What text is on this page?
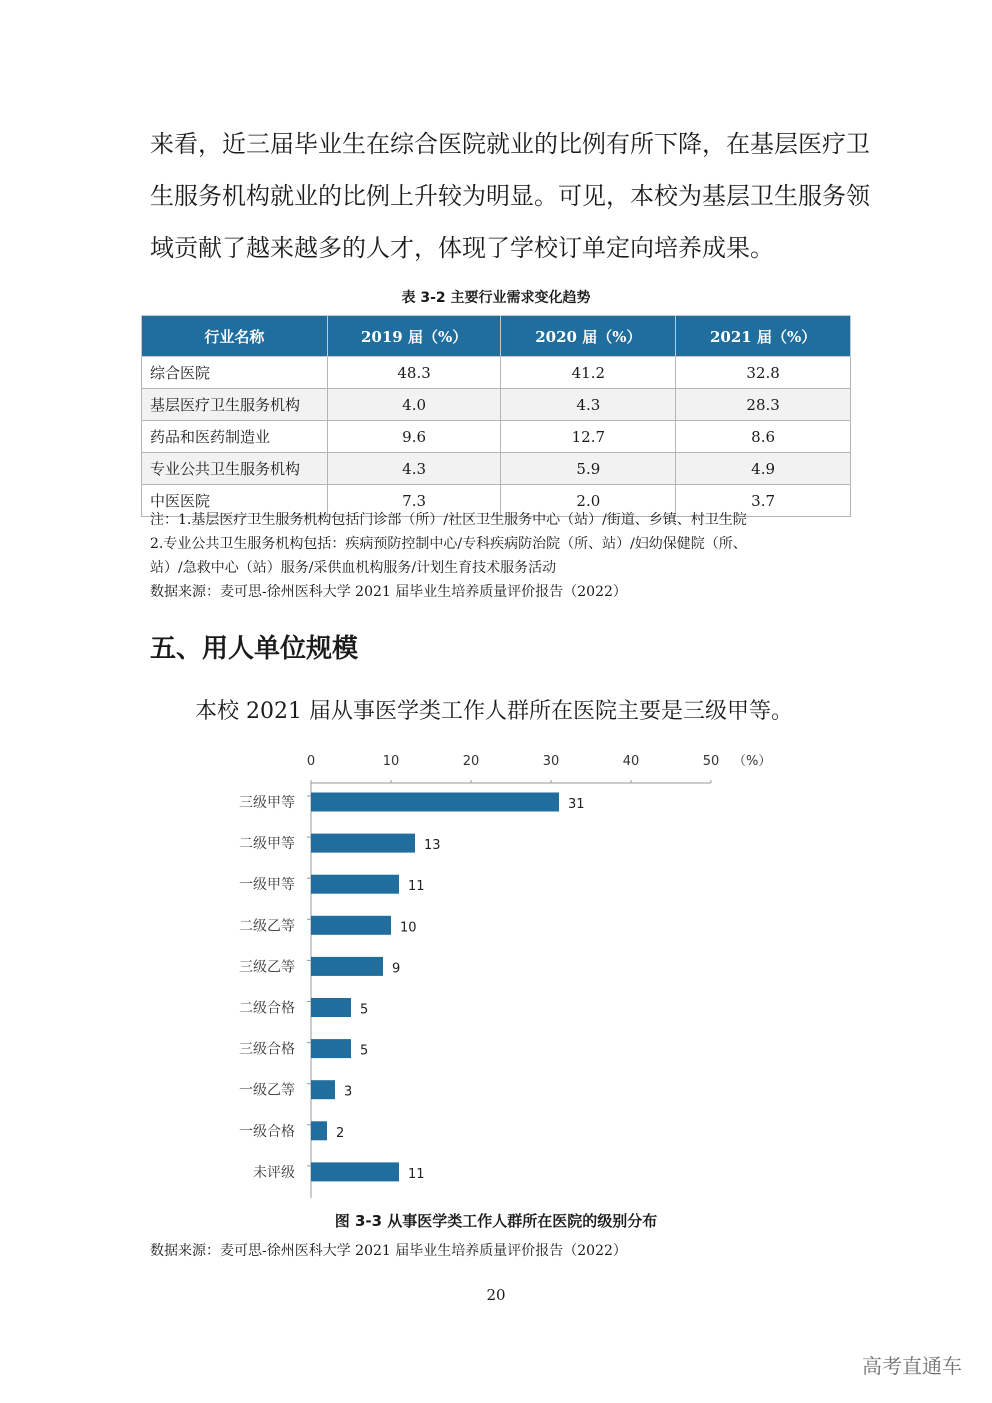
来看，近三届毕业生在综合医院就业的比例有所下降，在基层医疗卫

生服务机构就业的比例上升较为明显。可见，本校为基层卫生服务领

域贡献了越来越多的人才，体现了学校订单定向培养成果。

表 3-2 主要行业需求变化趋势
行业名称	2019 届（%）	2020 届（%）	2021 届（%）
综合医院	48.3	41.2	32.8
基层医疗卫生服务机构	4.0	4.3	28.3
药品和医药制造业	9.6	12.7	8.6
专业公共卫生服务机构	4.3	5.9	4.9
中医医院	7.3	2.0	3.7

注：1.基层医疗卫生服务机构包括门诊部（所）/社区卫生服务中心（站）/街道、乡镇、村卫生院

2.专业公共卫生服务机构包括：疾病预防控制中心/专科疾病防治院（所、站）/妇幼保健院（所、

站）/急救中心（站）服务/采供血机构服务/计划生育技术服务活动

数据来源：麦可思-徐州医科大学 2021 届毕业生培养质量评价报告（2022）

五、用人单位规模
本校 2021 届从事医学类工作人群所在医院主要是三级甲等。
0	10	20	30	40	50 （%）
三级甲等	31
二级甲等	13
一级甲等	11
二级乙等	10
三级乙等	9
二级合格	5
三级合格	5
一级乙等	3
一级合格	2
未评级	11
图 3-3 从事医学类工作人群所在医院的级别分布
数据来源：麦可思-徐州医科大学 2021 届毕业生培养质量评价报告（2022）
20
高考直通车
